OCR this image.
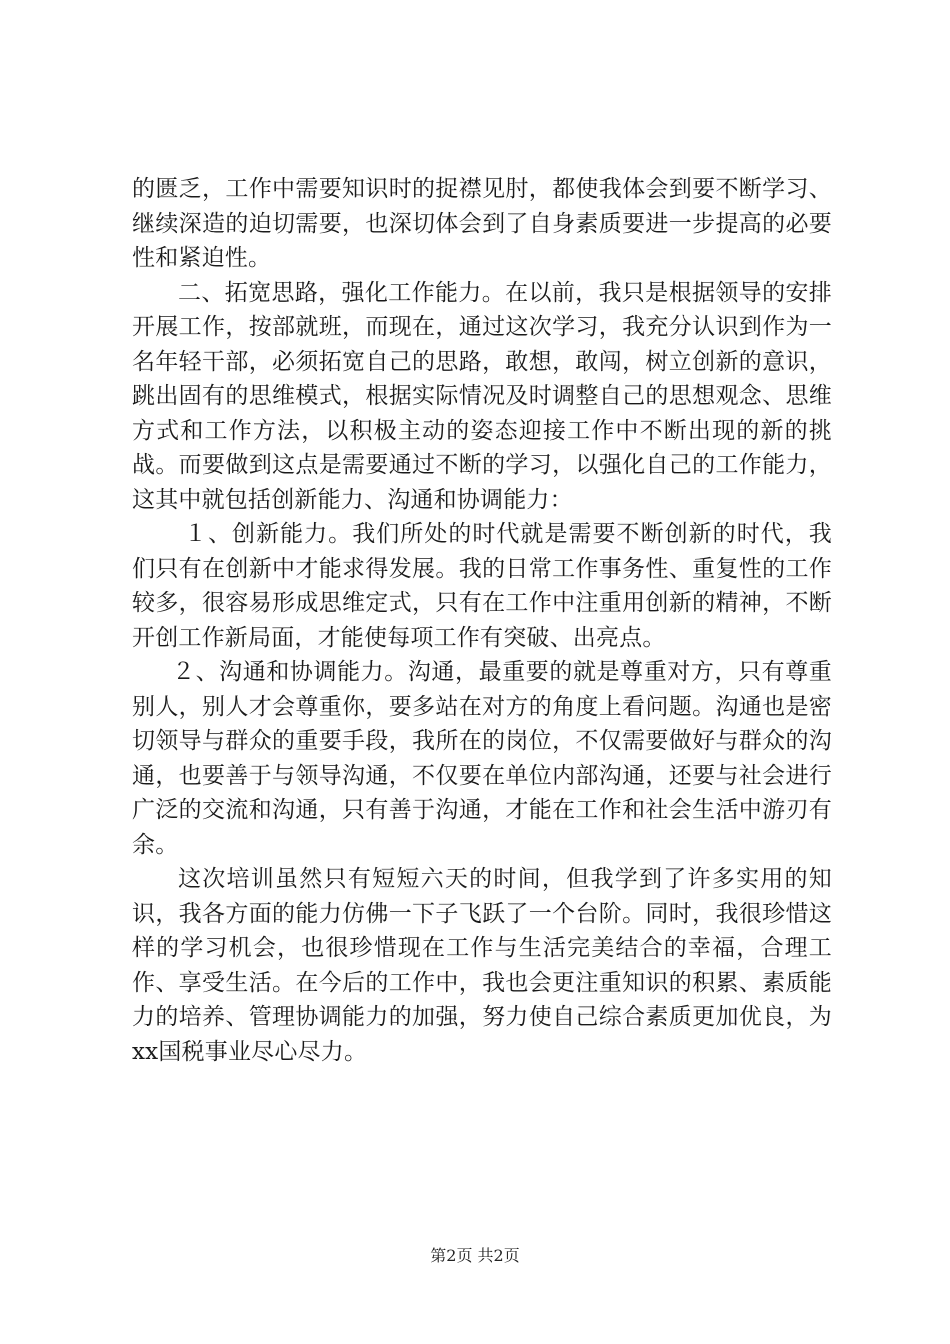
的匮乏，工作中需要知识时的捉襟见肘，都使我体会到要不断学习、继续深造的迫切需要，也深切体会到了自身素质要进一步提高的必要性和紧迫性。

二、拓宽思路，强化工作能力。在以前，我只是根据领导的安排开展工作，按部就班，而现在，通过这次学习，我充分认识到作为一名年轻干部，必须拓宽自己的思路，敢想，敢闯，树立创新的意识，跳出固有的思维模式，根据实际情况及时调整自己的思想观念、思维方式和工作方法，以积极主动的姿态迎接工作中不断出现的新的挑战。而要做到这点是需要通过不断的学习，以强化自己的工作能力，这其中就包括创新能力、沟通和协调能力：

１、创新能力。我们所处的时代就是需要不断创新的时代，我们只有在创新中才能求得发展。我的日常工作事务性、重复性的工作较多，很容易形成思维定式，只有在工作中注重用创新的精神，不断开创工作新局面，才能使每项工作有突破、出亮点。

２、沟通和协调能力。沟通，最重要的就是尊重对方，只有尊重别人，别人才会尊重你，要多站在对方的角度上看问题。沟通也是密切领导与群众的重要手段，我所在的岗位，不仅需要做好与群众的沟通，也要善于与领导沟通，不仅要在单位内部沟通，还要与社会进行广泛的交流和沟通，只有善于沟通，才能在工作和社会生活中游刃有余。

这次培训虽然只有短短六天的时间，但我学到了许多实用的知识，我各方面的能力仿佛一下子飞跃了一个台阶。同时，我很珍惜这样的学习机会，也很珍惜现在工作与生活完美结合的幸福，合理工作、享受生活。在今后的工作中，我也会更注重知识的积累、素质能力的培养、管理协调能力的加强，努力使自己综合素质更加优良，为xx国税事业尽心尽力。

第2页 共2页
